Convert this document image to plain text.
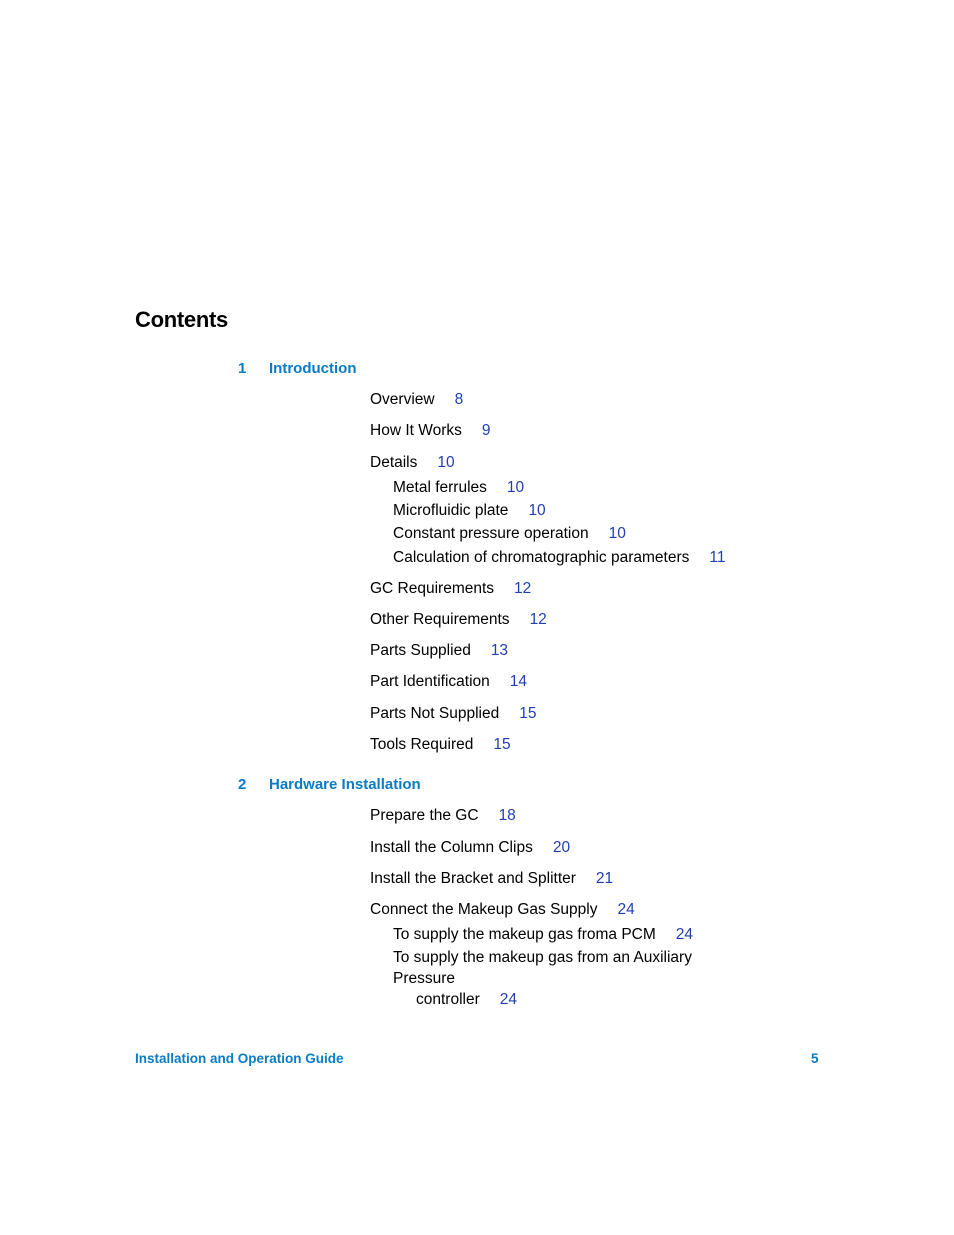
Contents
1 Introduction
Overview 8
How It Works 9
Details 10
Metal ferrules 10
Microfluidic plate 10
Constant pressure operation 10
Calculation of chromatographic parameters 11
GC Requirements 12
Other Requirements 12
Parts Supplied 13
Part Identification 14
Parts Not Supplied 15
Tools Required 15
2 Hardware Installation
Prepare the GC 18
Install the Column Clips 20
Install the Bracket and Splitter 21
Connect the Makeup Gas Supply 24
To supply the makeup gas froma PCM 24
To supply the makeup gas from an Auxiliary Pressure
controller 24
Installation and Operation Guide	5
